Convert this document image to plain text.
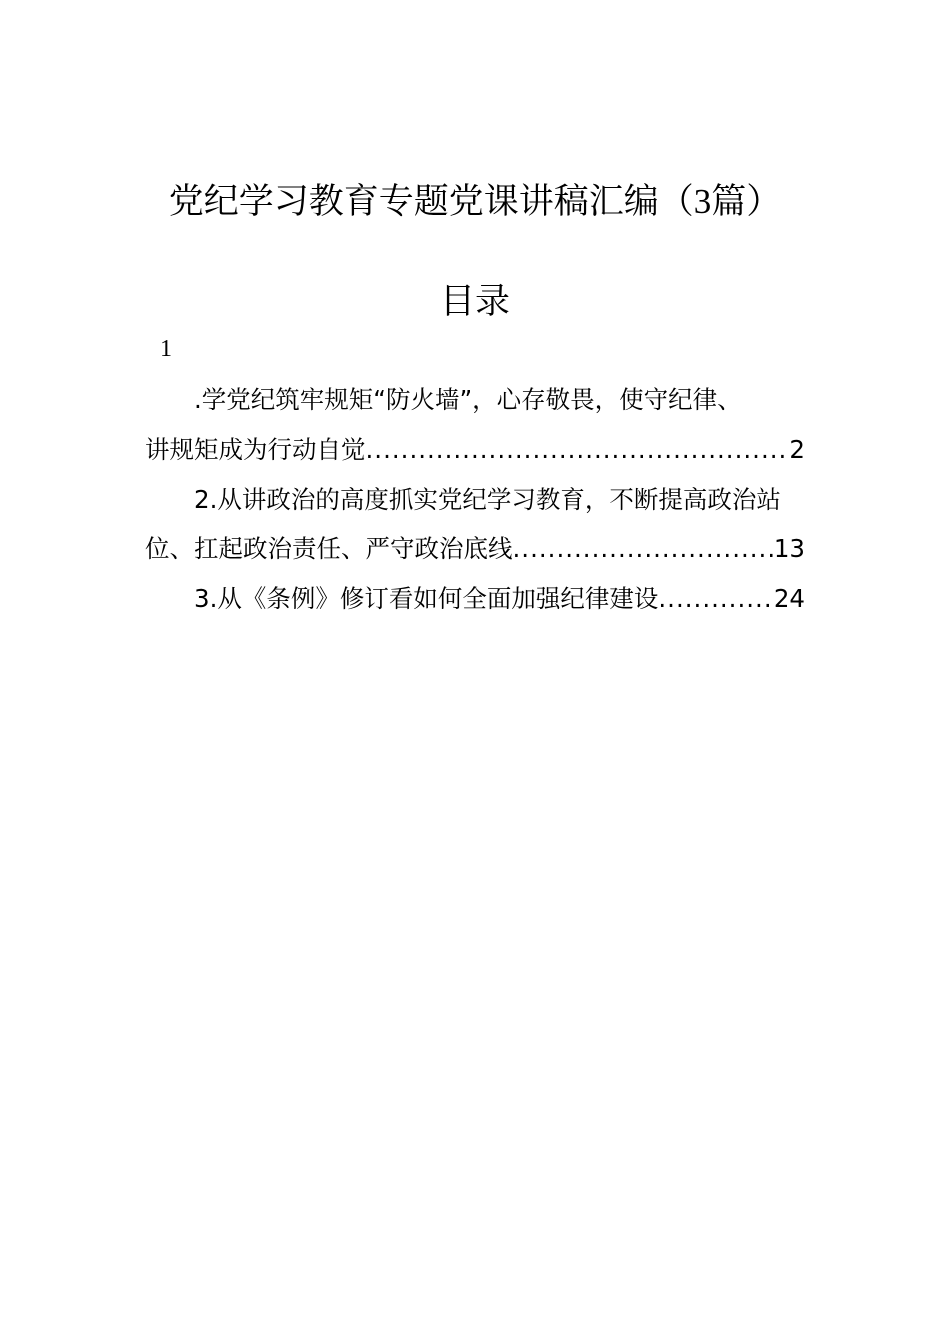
党纪学习教育专题党课讲稿汇编（3篇）
目录
1
.学党纪筑牢规矩“防火墙”，心存敬畏，使守纪律、
讲规矩成为行动自觉 .....	2
2.从讲政治的高度抓实党纪学习教育，不断提高政治站
位、扛起政治责任、严守政治底线 .....	13
3.从《条例》修订看如何全面加强纪律建设 .....	24
